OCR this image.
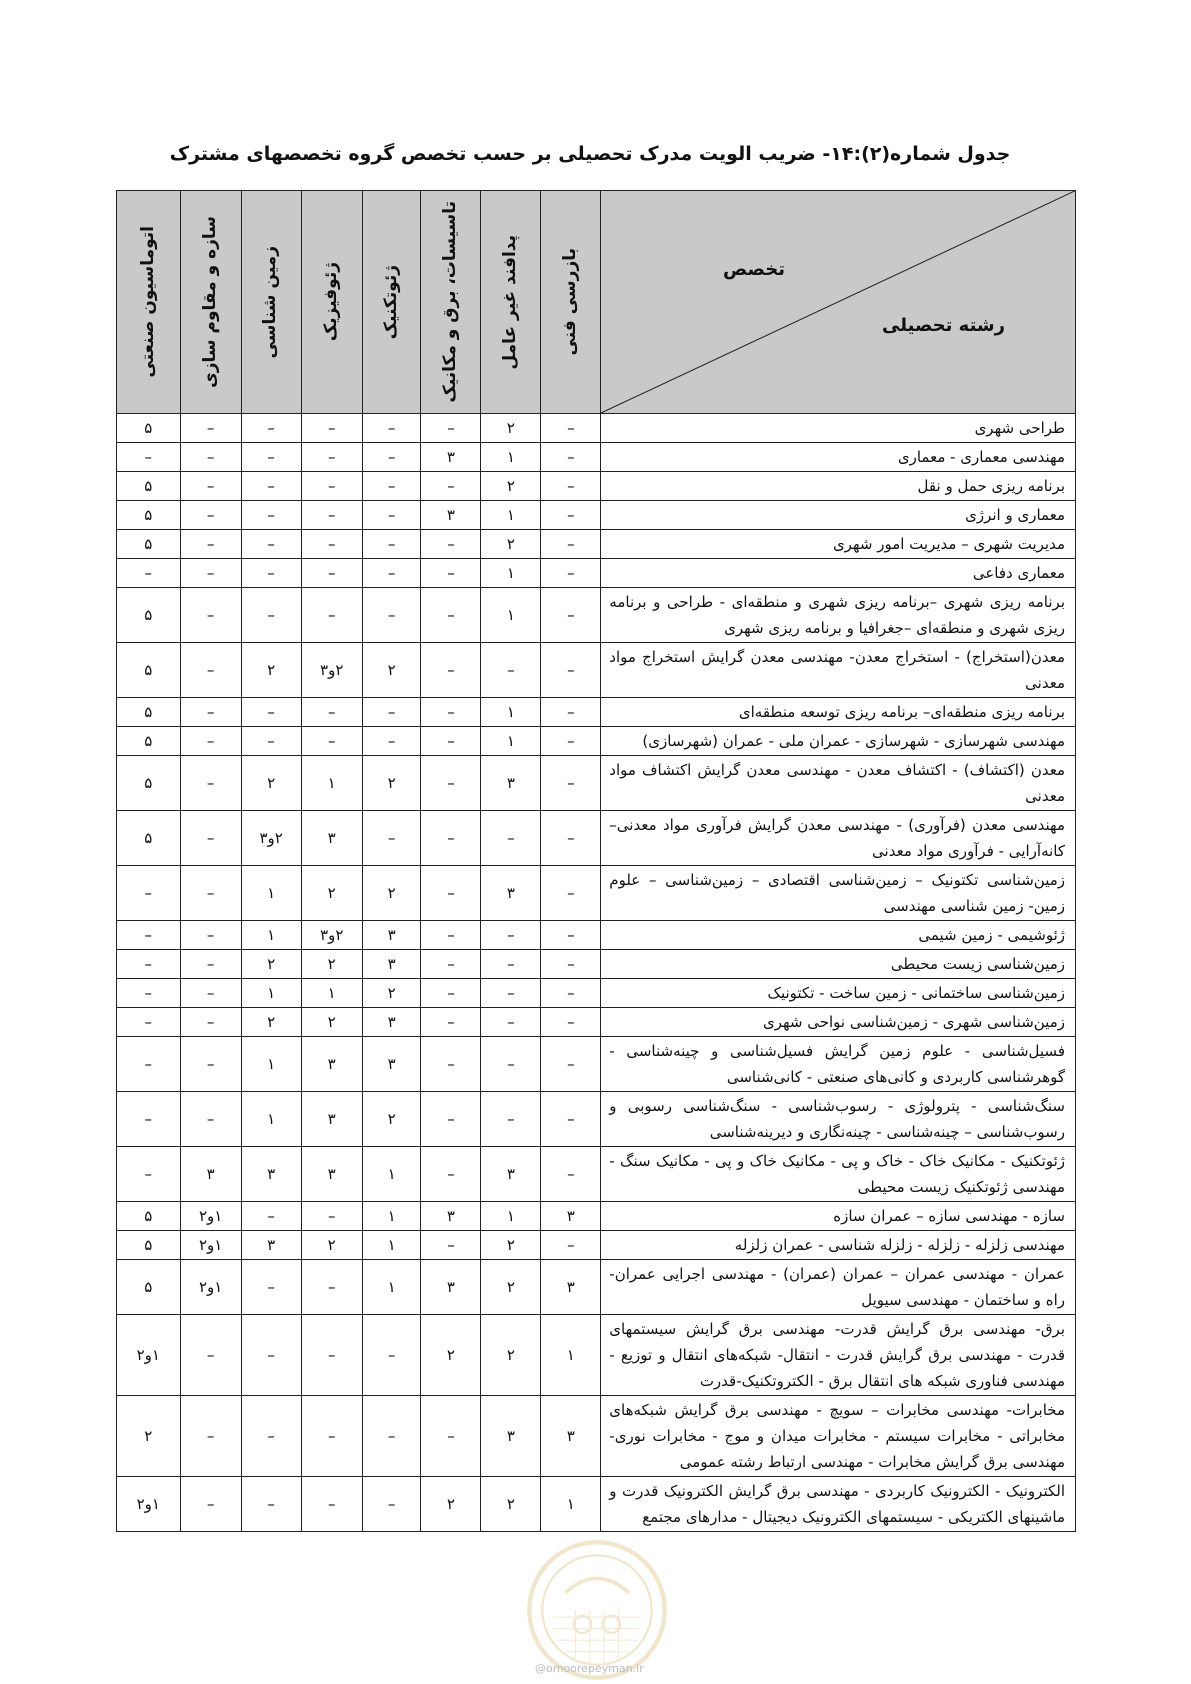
جدول شماره(۲):۱۴- ضریب الویت مدرک تحصیلی بر حسب تخصص گروه تخصصهای مشترک
تخصص
رشته تحصیلی	بازرسی فنی	پدافند غیر عامل	تاسیسات، برق و مکانیک	ژئوتکنیک	ژئوفیزیک	زمین شناسی	سازه و مقاوم سازی	اتوماسیون صنعتی

طراحی شهری	–	۲	–	–	–	–	–	۵
مهندسی معماری - معماری	–	۱	۳	–	–	–	–	–
برنامه ریزی حمل و نقل	–	۲	–	–	–	–	–	۵
معماری و انرژی	–	۱	۳	–	–	–	–	۵
مدیریت شهری – مدیریت امور شهری	–	۲	–	–	–	–	–	۵
معماری دفاعی	–	۱	–	–	–	–	–	–
برنامه ریزی شهری –برنامه ریزی شهری و منطقه‌ای - طراحی و برنامه ریزی شهری و منطقه‌ای –جغرافیا و برنامه ریزی شهری	–	۱	–	–	–	–	–	۵
معدن(استخراج) - استخراج معدن- مهندسی معدن گرایش استخراج مواد معدنی	–	–	–	۲	۲و۳	۲	–	۵
برنامه ریزی منطقه‌ای– برنامه ریزی توسعه منطقه‌ای	–	۱	–	–	–	–	–	۵
مهندسی شهرسازی - شهرسازی - عمران ملی - عمران (شهرسازی)	–	۱	–	–	–	–	–	۵
معدن (اکتشاف) - اکتشاف معدن - مهندسی معدن گرایش اکتشاف مواد معدنی	–	۳	–	۲	۱	۲	–	۵
مهندسی معدن (فرآوری) - مهندسی معدن گرایش فرآوری مواد معدنی– کانه‌آرایی - فرآوری مواد معدنی	–	–	–	–	۳	۲و۳	–	۵
زمین‌شناسی تکتونیک – زمین‌شناسی اقتصادی – زمین‌شناسی – علوم زمین- زمین شناسی مهندسی	–	۳	–	۲	۲	۱	–	–
ژئوشیمی - زمین شیمی	–	–	–	۳	۲و۳	۱	–	–
زمین‌شناسی زیست محیطی	–	–	–	۳	۲	۲	–	–
زمین‌شناسی ساختمانی - زمین ساخت - تکتونیک	–	–	–	۲	۱	۱	–	–
زمین‌شناسی شهری - زمین‌شناسی نواحی شهری	–	–	–	۳	۲	۲	–	–
فسیل‌شناسی - علوم زمین گرایش فسیل‌شناسی و چینه‌شناسی - گوهرشناسی کاربردی و کانی‌های صنعتی - کانی‌شناسی	–	–	–	۳	۳	۱	–	–
سنگ‌شناسی - پترولوژی - رسوب‌شناسی - سنگ‌شناسی رسوبی و رسوب‌شناسی – چینه‌شناسی - چینه‌نگاری و دیرینه‌شناسی	–	–	–	۲	۳	۱	–	–
ژئوتکنیک - مکانیک خاک - خاک و پی - مکانیک خاک و پی - مکانیک سنگ - مهندسی ژئوتکنیک زیست محیطی	–	۳	–	۱	۳	۳	۳	–
سازه - مهندسی سازه – عمران سازه	۳	۱	۳	۱	–	–	۱و۲	۵
مهندسی زلزله - زلزله - زلزله شناسی - عمران زلزله	–	۲	–	۱	۲	۳	۱و۲	۵
عمران - مهندسی عمران – عمران (عمران) - مهندسی اجرایی عمران- راه و ساختمان - مهندسی سیویل	۳	۲	۳	۱	–	–	۱و۲	۵
برق- مهندسی برق گرایش قدرت- مهندسی برق گرایش سیستمهای قدرت - مهندسی برق گرایش قدرت - انتقال- شبکه‌های انتقال و توزیع - مهندسی فناوری شبکه های انتقال برق - الکتروتکنیک-قدرت	۱	۲	۲	–	–	–	–	۱و۲
مخابرات- مهندسی مخابرات – سویچ - مهندسی برق گرایش شبکه‌های مخابراتی - مخابرات سیستم - مخابرات میدان و موج - مخابرات نوری- مهندسی برق گرایش مخابرات - مهندسی ارتباط رشته عمومی	۳	۳	–	–	–	–	–	۲
الکترونیک - الکترونیک کاربردی - مهندسی برق گرایش الکترونیک قدرت و ماشینهای الکتریکی - سیستمهای الکترونیک دیجیتال - مدارهای مجتمع	۱	۲	۲	–	–	–	–	۱و۲
@omoorepeyman.ir
